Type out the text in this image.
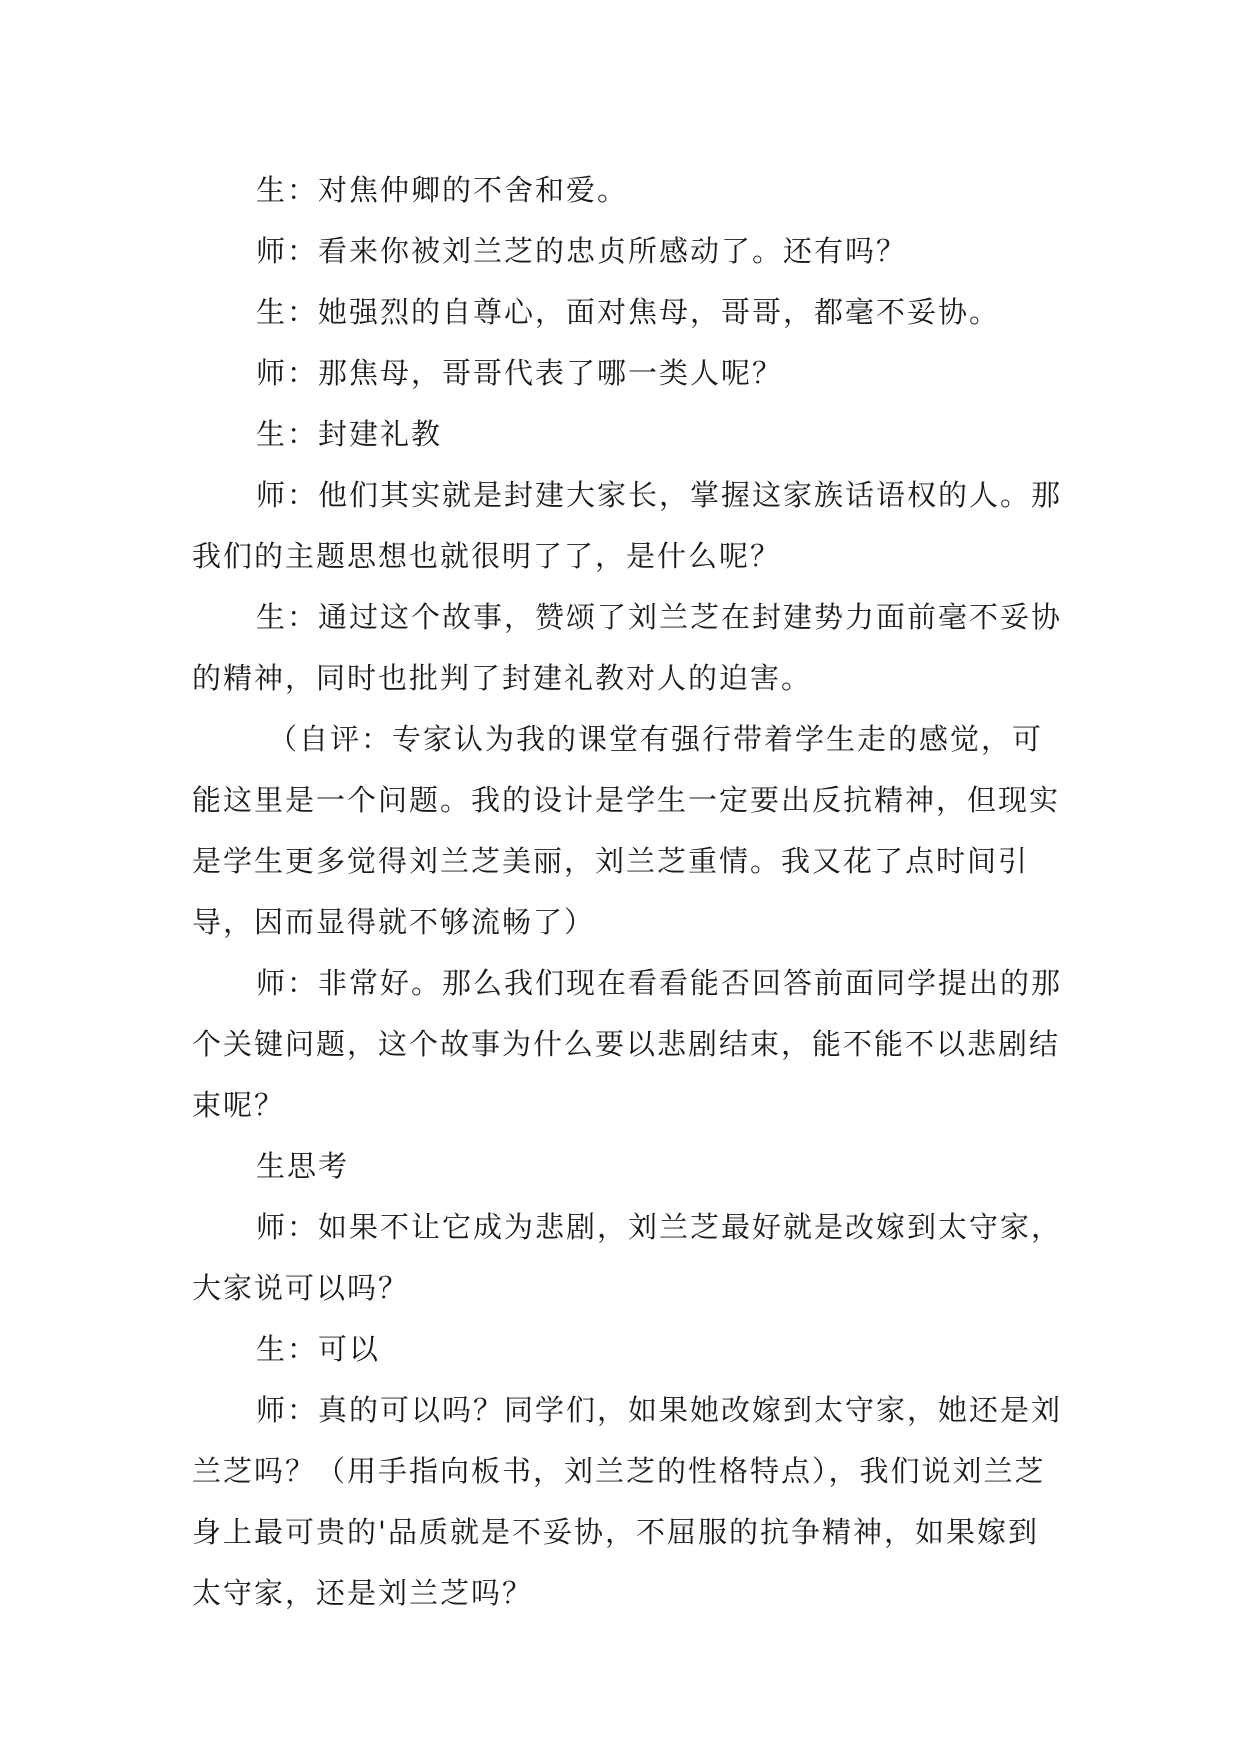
生：对焦仲卿的不舍和爱。

师：看来你被刘兰芝的忠贞所感动了。还有吗？

生：她强烈的自尊心，面对焦母，哥哥，都毫不妥协。

师：那焦母，哥哥代表了哪一类人呢？

生：封建礼教

师：他们其实就是封建大家长，掌握这家族话语权的人。那我们的主题思想也就很明了了，是什么呢？

生：通过这个故事，赞颂了刘兰芝在封建势力面前毫不妥协的精神，同时也批判了封建礼教对人的迫害。

（自评：专家认为我的课堂有强行带着学生走的感觉，可能这里是一个问题。我的设计是学生一定要出反抗精神，但现实是学生更多觉得刘兰芝美丽，刘兰芝重情。我又花了点时间引导，因而显得就不够流畅了）

师：非常好。那么我们现在看看能否回答前面同学提出的那个关键问题，这个故事为什么要以悲剧结束，能不能不以悲剧结束呢？

生思考

师：如果不让它成为悲剧，刘兰芝最好就是改嫁到太守家，大家说可以吗？

生：可以

师：真的可以吗？同学们，如果她改嫁到太守家，她还是刘兰芝吗？（用手指向板书，刘兰芝的性格特点），我们说刘兰芝身上最可贵的'品质就是不妥协，不屈服的抗争精神，如果嫁到太守家，还是刘兰芝吗？
